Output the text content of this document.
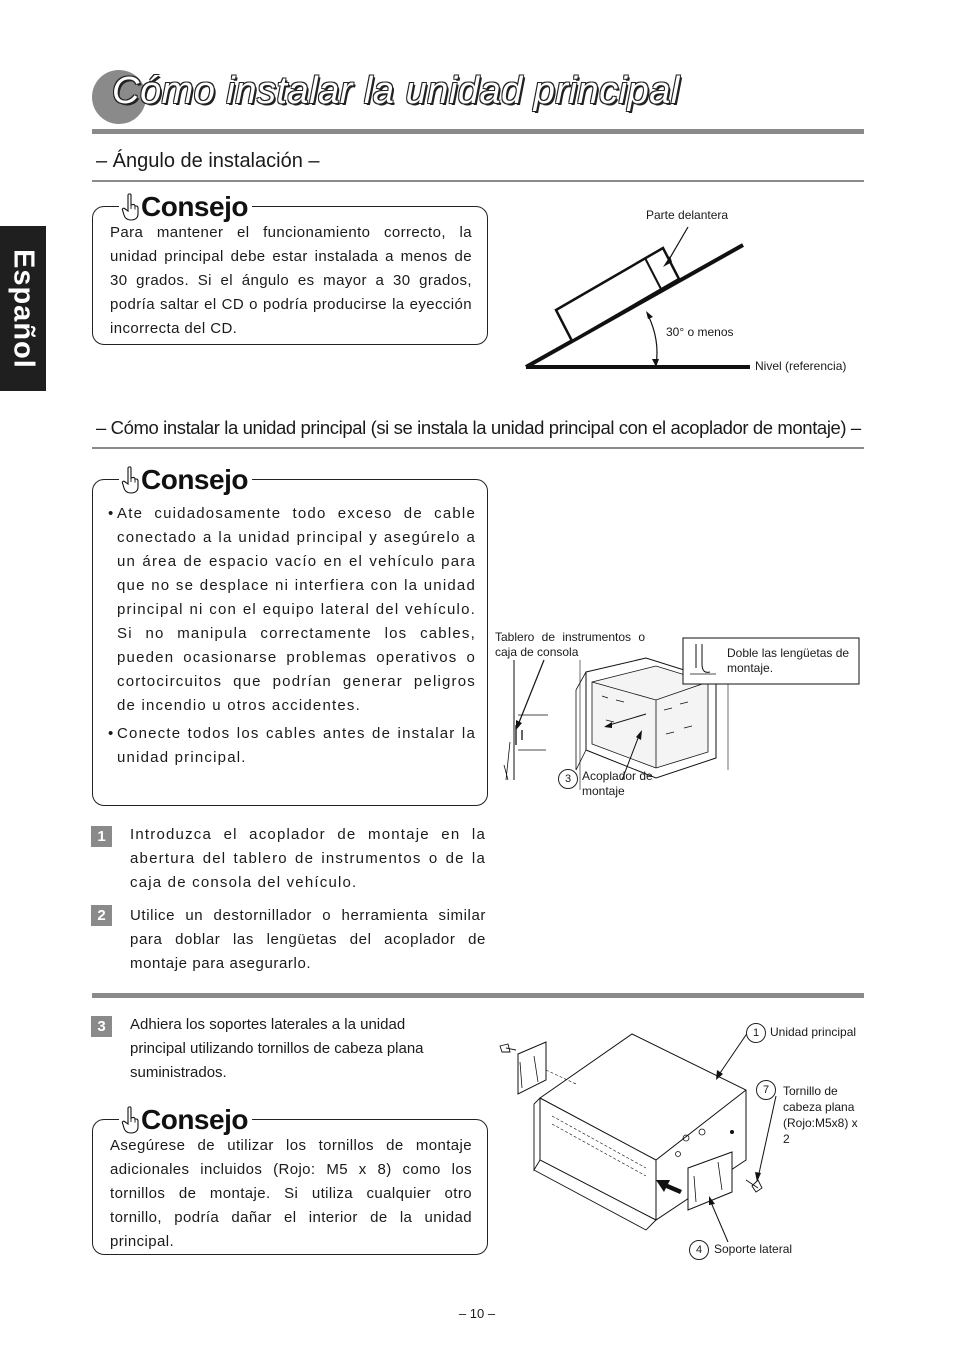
Español
Cómo instalar la unidad principal
– Ángulo de instalación –
Consejo
Para mantener el funcionamiento correcto, la unidad principal debe estar instalada a menos de 30 grados. Si el ángulo es mayor a 30 grados, podría saltar el CD o podría producirse la eyección incorrecta del CD.
Parte delantera
30° o menos
Nivel (referencia)
– Cómo instalar la unidad principal (si se instala la unidad principal con el acoplador de montaje) –
Consejo
• Ate cuidadosamente todo exceso de cable conectado a la unidad principal y asegúrelo a un área de espacio vacío en el vehículo para que no se desplace ni interfiera con la unidad principal ni con el equipo lateral del vehículo. Si no manipula correctamente los cables, pueden ocasionarse problemas operativos o cortocircuitos que podrían generar peligros de incendio u otros accidentes.
• Conecte todos los cables antes de instalar la unidad principal.
1	Introduzca el acoplador de montaje en la abertura del tablero de instrumentos o de la caja de consola del vehículo.
2	Utilice un destornillador o herramienta similar para doblar las lengüetas del acoplador de montaje para asegurarlo.
Tablero de instrumentos o caja de consola	Doble las lengüetas de montaje.
3 Acoplador de montaje
3	Adhiera los soportes laterales a la unidad principal utilizando tornillos de cabeza plana suministrados.
Consejo
Asegúrese de utilizar los tornillos de montaje adicionales incluidos (Rojo: M5 x 8) como los tornillos de montaje. Si utiliza cualquier otro tornillo, podría dañar el interior de la unidad principal.
1 Unidad principal
7	Tornillo de cabeza plana (Rojo:M5x8) x 2
4 Soporte lateral
– 10 –
